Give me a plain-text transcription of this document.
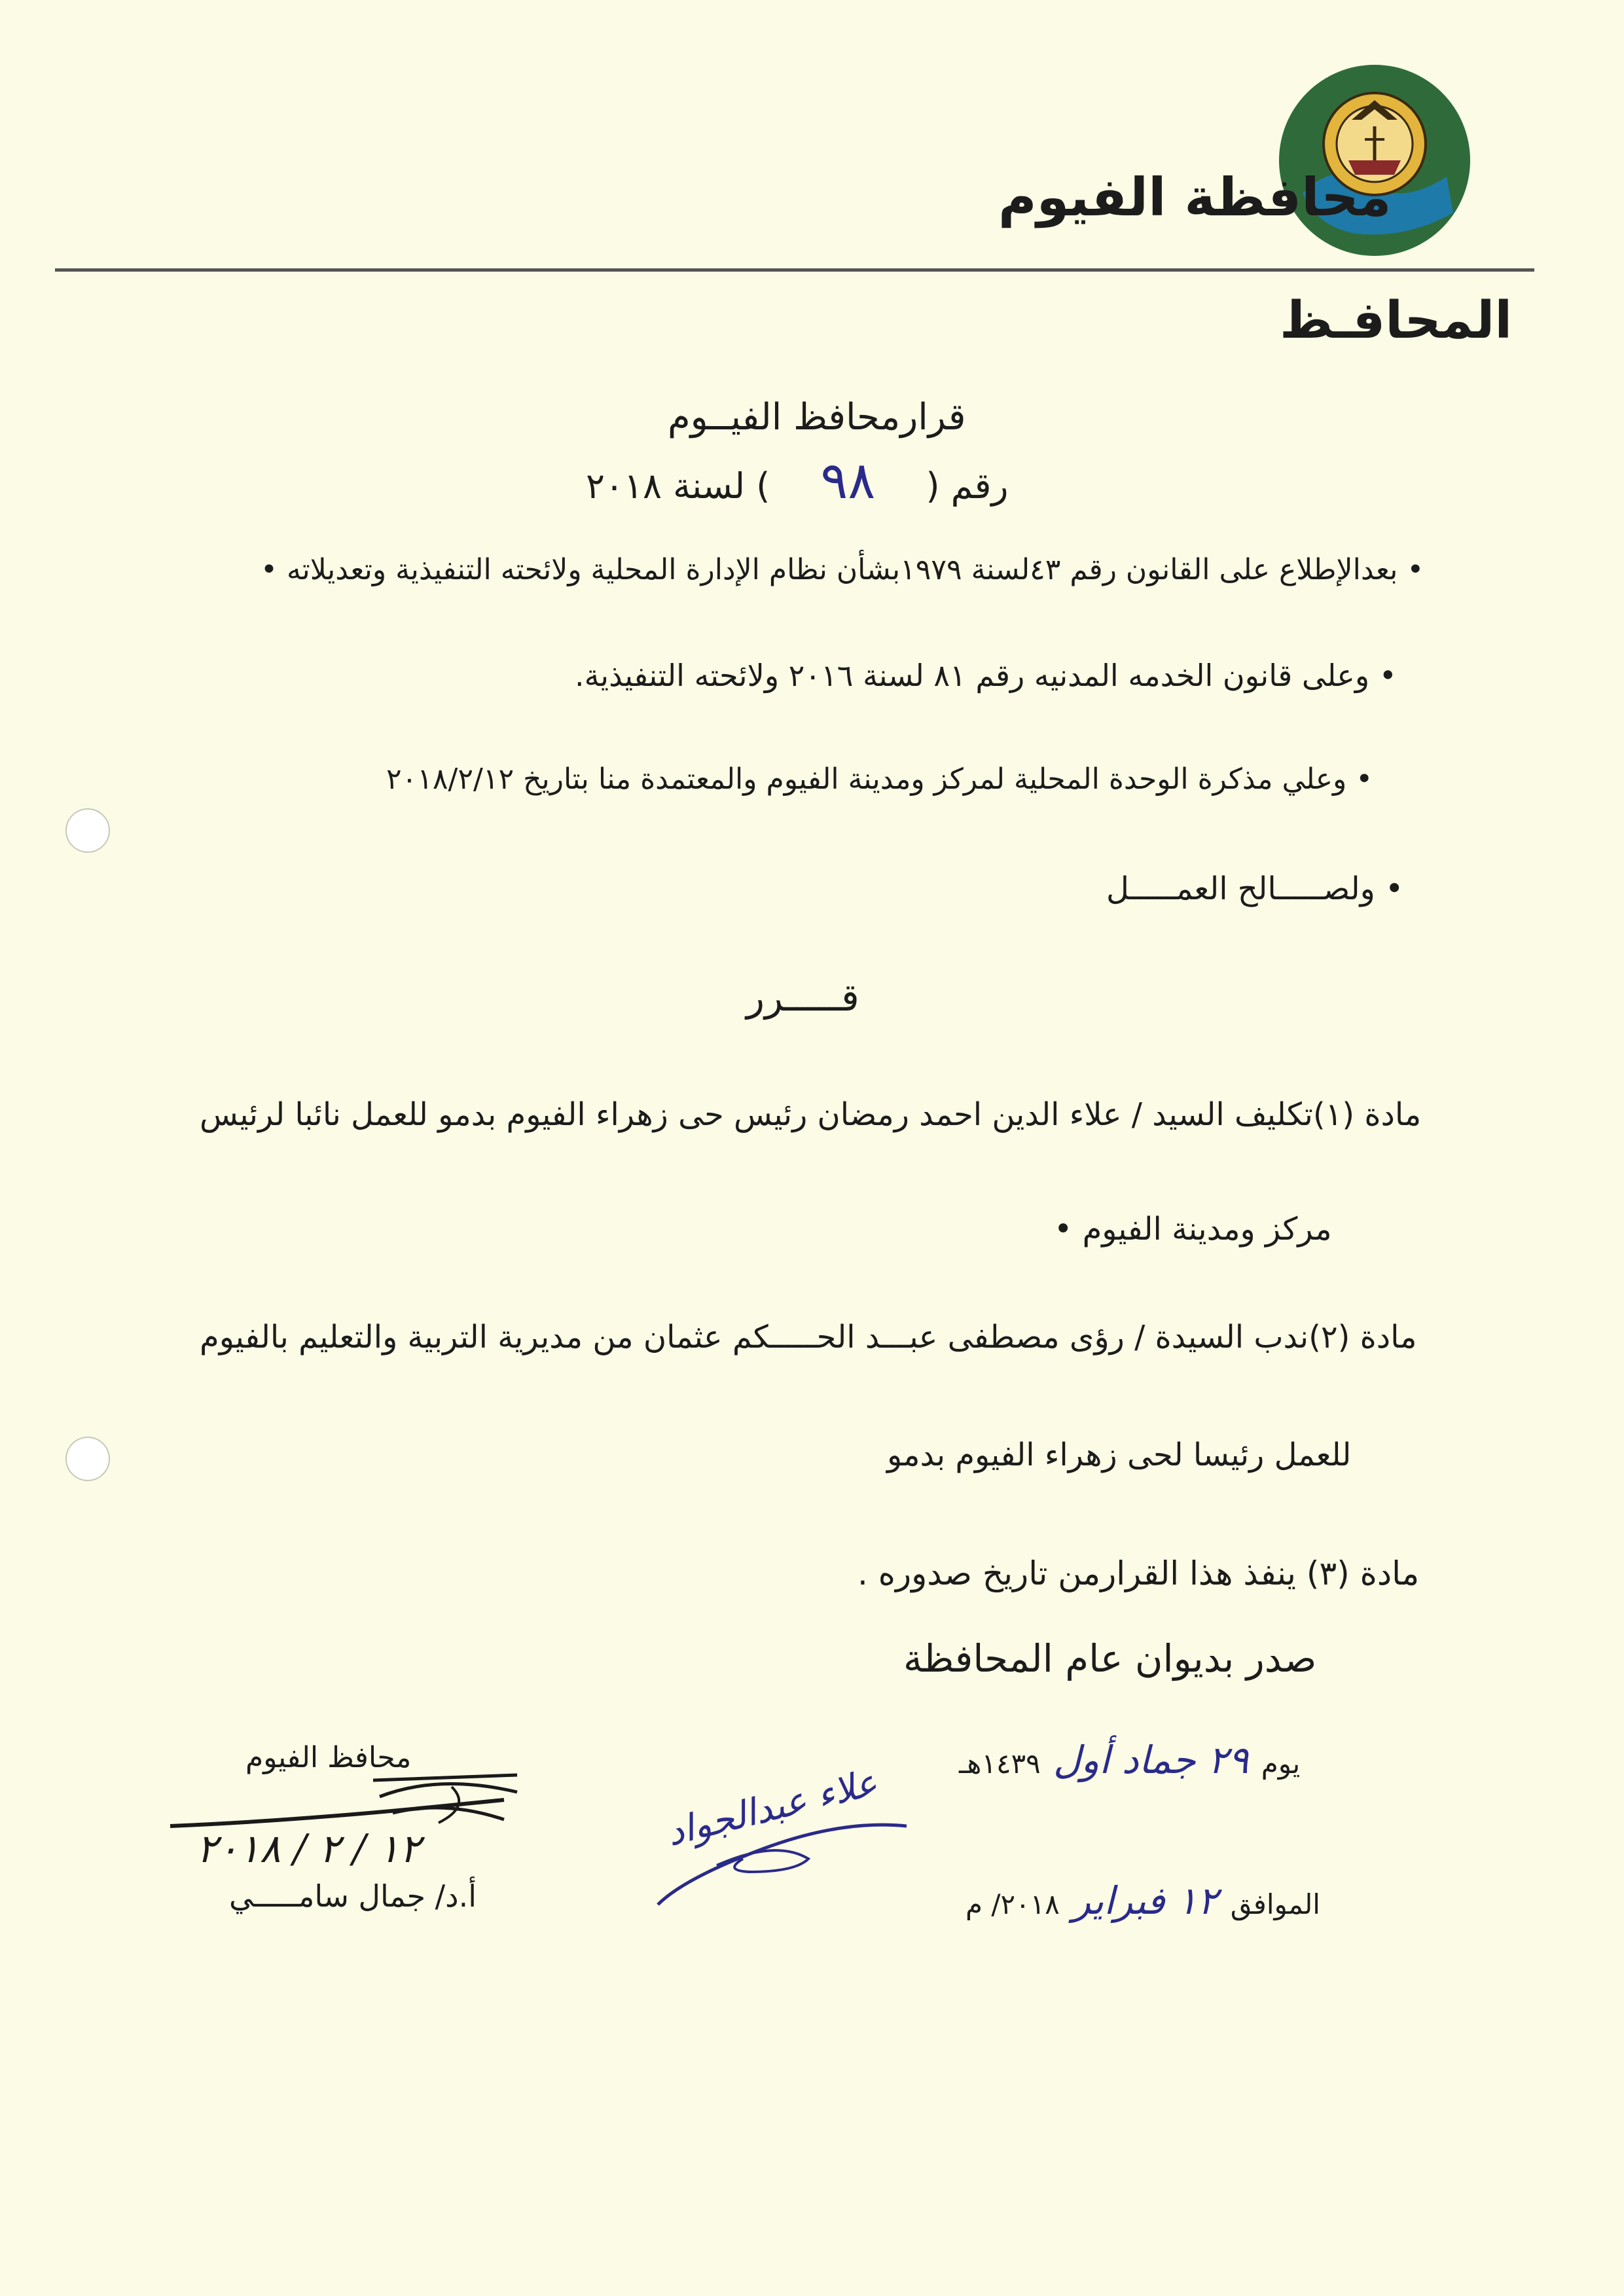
محافظة الفيوم
المحافـظ
قرارمحافظ الفيــوم
رقم ( ٩٨ ) لسنة ٢٠١٨
• بعدالإطلاع على القانون رقم ٤٣لسنة ١٩٧٩بشأن نظام الإدارة المحلية ولائحته التنفيذية وتعديلاته •
• وعلى قانون الخدمه المدنيه رقم ٨١ لسنة ٢٠١٦ ولائحته التنفيذية.
• وعلي مذكرة الوحدة المحلية لمركز ومدينة الفيوم والمعتمدة منا بتاريخ ٢٠١٨/٢/١٢
• ولصـــــالح العمـــــل
قـــــرر
مادة (١)تكليف السيد / علاء الدين احمد رمضان رئيس حى زهراء الفيوم بدمو للعمل نائبا لرئيس
مركز ومدينة الفيوم •
مادة (٢)ندب السيدة / رؤى مصطفى عبـــد الحـــــكم عثمان من مديرية التربية والتعليم بالفيوم
للعمل رئيسا لحى زهراء الفيوم بدمو
مادة (٣) ينفذ هذا القرارمن تاريخ صدوره .
صدر بديوان عام المحافظة
يوم ٢٩ جماد أول ١٤٣٩هـ
الموافق ١٢ فبراير ٢٠١٨/ م
علاء عبدالجواد
محافظ الفيوم
١٢ / ٢ / ٢٠١٨
أ.د/ جمال سامـــــي
